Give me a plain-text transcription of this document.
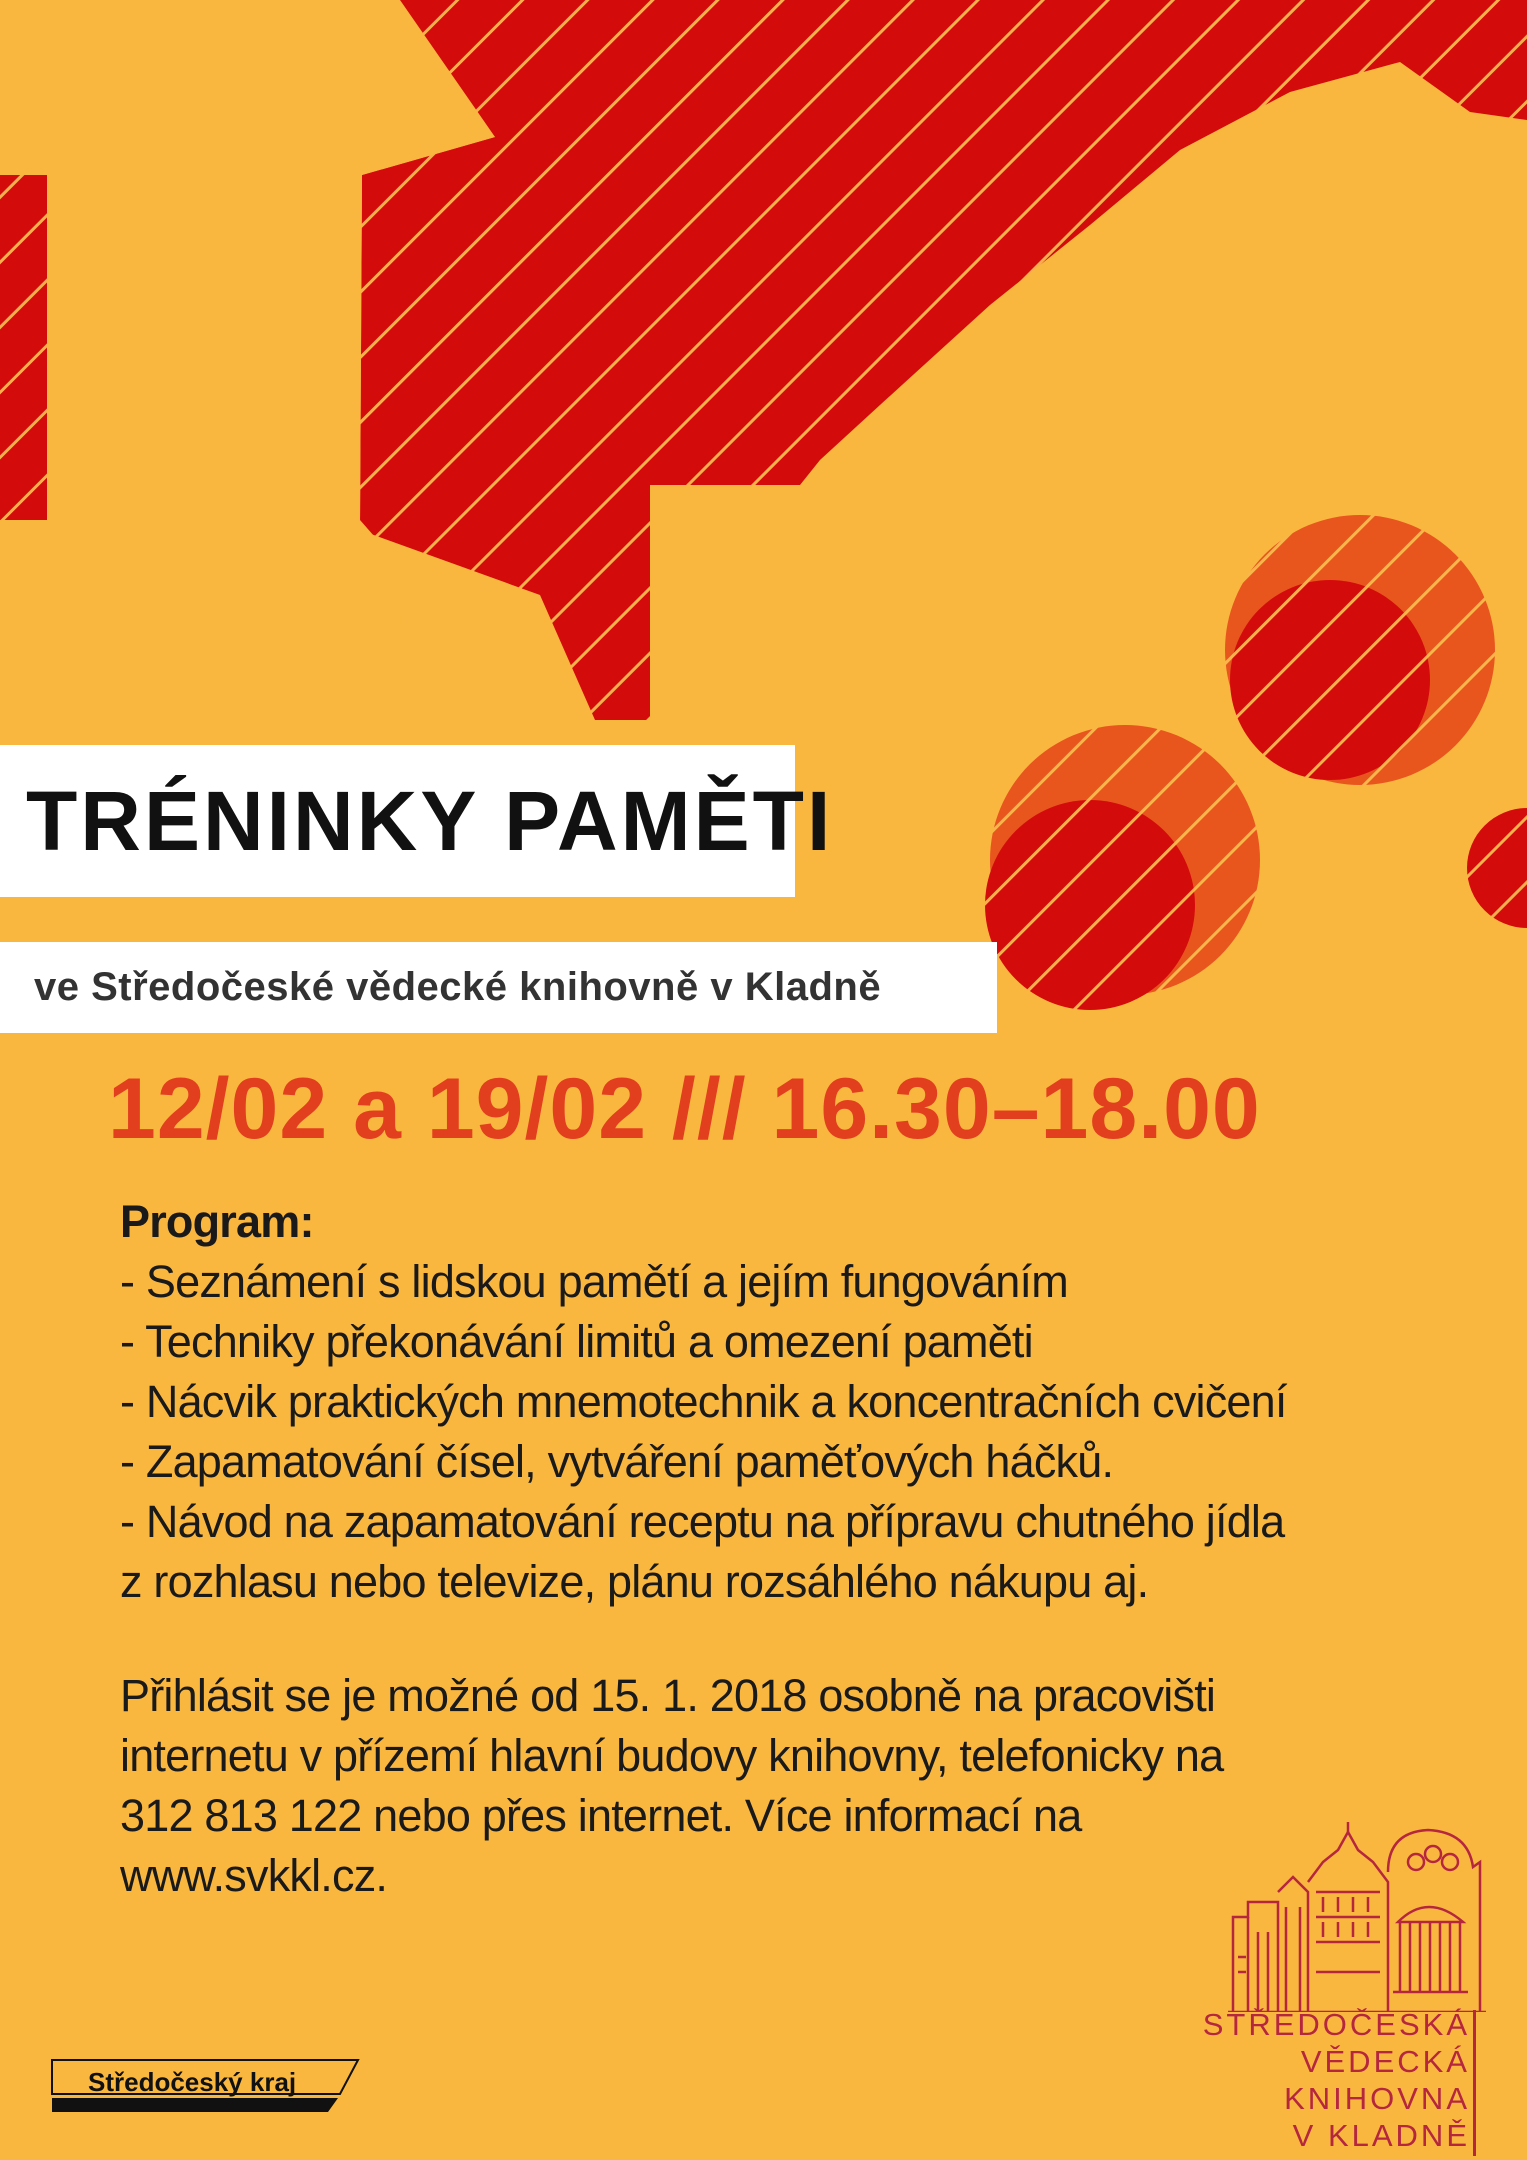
TRÉNINKY PAMĚTI
ve Středočeské vědecké knihovně v Kladně
12/02 a 19/02 /// 16.30–18.00
Program:
- Seznámení s lidskou pamětí a jejím fungováním
- Techniky překonávání limitů a omezení paměti
- Nácvik praktických mnemotechnik a koncentračních cvičení
- Zapamatování čísel, vytváření paměťových háčků.
- Návod na zapamatování receptu na přípravu chutného jídla
z rozhlasu nebo televize, plánu rozsáhlého nákupu aj.
Přihlásit se je možné od 15. 1. 2018 osobně na pracovišti
internetu v přízemí hlavní budovy knihovny, telefonicky na
312 813 122 nebo přes internet. Více informací na
www.svkkl.cz.
Středočeský kraj
STŘEDOČESKÁ
VĚDECKÁ
KNIHOVNA
V KLADNĚ
